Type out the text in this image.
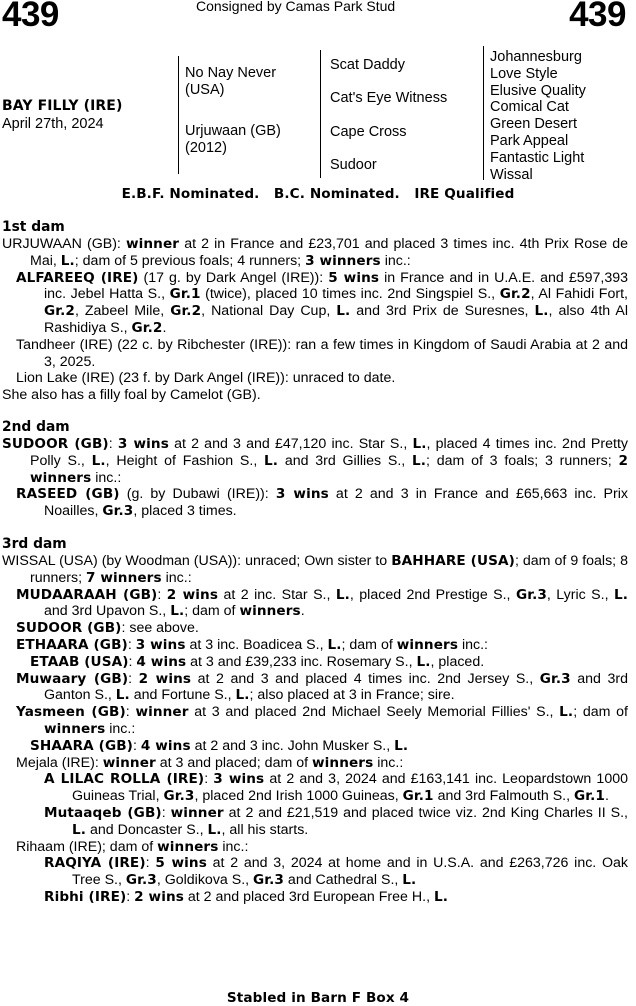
439	439
Consigned by Camas Park Stud
BAY FILLY (IRE)
April 27th, 2024
No Nay Never
(USA)
Urjuwaan (GB)
(2012)
Scat Daddy
Cat's Eye Witness
Cape Cross
Sudoor
Johannesburg
Love Style
Elusive Quality
Comical Cat
Green Desert
Park Appeal
Fantastic Light
Wissal
E.B.F. Nominated.   B.C. Nominated.   IRE Qualified
1st dam
URJUWAAN (GB): winner at 2 in France and £23,701 and placed 3 times inc. 4th Prix Rose de Mai, L.; dam of 5 previous foals; 4 runners; 3 winners inc.:
ALFAREEQ (IRE) (17 g. by Dark Angel (IRE)): 5 wins in France and in U.A.E. and £597,393 inc. Jebel Hatta S., Gr.1 (twice), placed 10 times inc. 2nd Singspiel S., Gr.2, Al Fahidi Fort, Gr.2, Zabeel Mile, Gr.2, National Day Cup, L. and 3rd Prix de Suresnes, L., also 4th Al Rashidiya S., Gr.2.
Tandheer (IRE) (22 c. by Ribchester (IRE)): ran a few times in Kingdom of Saudi Arabia at 2 and 3, 2025.
Lion Lake (IRE) (23 f. by Dark Angel (IRE)): unraced to date.
She also has a filly foal by Camelot (GB).
2nd dam
SUDOOR (GB): 3 wins at 2 and 3 and £47,120 inc. Star S., L., placed 4 times inc. 2nd Pretty Polly S., L., Height of Fashion S., L. and 3rd Gillies S., L.; dam of 3 foals; 3 runners; 2 winners inc.:
RASEED (GB) (g. by Dubawi (IRE)): 3 wins at 2 and 3 in France and £65,663 inc. Prix Noailles, Gr.3, placed 3 times.
3rd dam
WISSAL (USA) (by Woodman (USA)): unraced; Own sister to BAHHARE (USA); dam of 9 foals; 8 runners; 7 winners inc.:
MUDAARAAH (GB): 2 wins at 2 inc. Star S., L., placed 2nd Prestige S., Gr.3, Lyric S., L. and 3rd Upavon S., L.; dam of winners.
SUDOOR (GB): see above.
ETHAARA (GB): 3 wins at 3 inc. Boadicea S., L.; dam of winners inc.:
ETAAB (USA): 4 wins at 3 and £39,233 inc. Rosemary S., L., placed.
Muwaary (GB): 2 wins at 2 and 3 and placed 4 times inc. 2nd Jersey S., Gr.3 and 3rd Ganton S., L. and Fortune S., L.; also placed at 3 in France; sire.
Yasmeen (GB): winner at 3 and placed 2nd Michael Seely Memorial Fillies' S., L.; dam of winners inc.:
SHAARA (GB): 4 wins at 2 and 3 inc. John Musker S., L.
Mejala (IRE): winner at 3 and placed; dam of winners inc.:
A LILAC ROLLA (IRE): 3 wins at 2 and 3, 2024 and £163,141 inc. Leopardstown 1000 Guineas Trial, Gr.3, placed 2nd Irish 1000 Guineas, Gr.1 and 3rd Falmouth S., Gr.1.
Mutaaqeb (GB): winner at 2 and £21,519 and placed twice viz. 2nd King Charles II S., L. and Doncaster S., L., all his starts.
Rihaam (IRE); dam of winners inc.:
RAQIYA (IRE): 5 wins at 2 and 3, 2024 at home and in U.S.A. and £263,726 inc. Oak Tree S., Gr.3, Goldikova S., Gr.3 and Cathedral S., L.
Ribhi (IRE): 2 wins at 2 and placed 3rd European Free H., L.
Stabled in Barn F Box 4
